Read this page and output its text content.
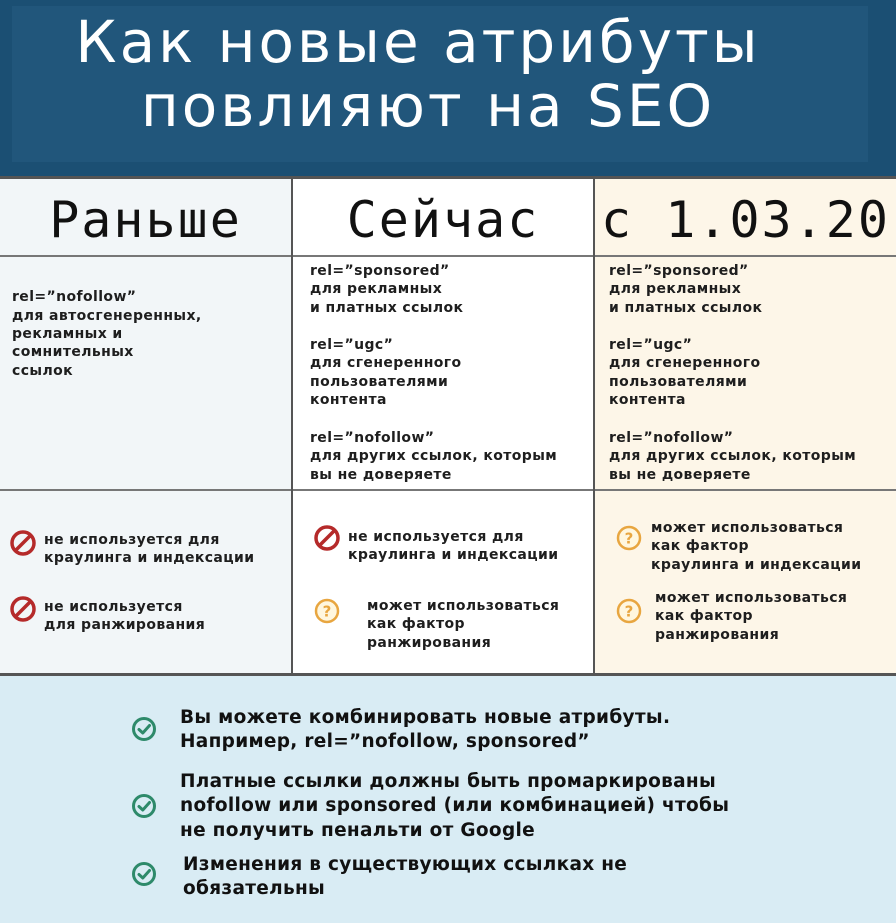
Как новые атрибуты
повлияют на SEO
Раньше
rel=”nofollow”
для автосгенеренных,
рекламных и
сомнительных
ссылок
не используется для
краулинга и индексации
не используется
для ранжирования
Сейчас
rel=”sponsored”
для рекламных
и платных ссылок
rel=”ugc”
для сгенеренного
пользователями
контента
rel=”nofollow”
для других ссылок, которым
вы не доверяете
не используется для
краулинга и индексации
?	может использоваться
как фактор
ранжирования
с 1.03.20
rel=”sponsored”
для рекламных
и платных ссылок
rel=”ugc”
для сгенеренного
пользователями
контента
rel=”nofollow”
для других ссылок, которым
вы не доверяете
?
может использоваться
как фактор
краулинга и индексации
?
может использоваться
как фактор
ранжирования
Вы можете комбинировать новые атрибуты.
Например, rel=”nofollow, sponsored”
Платные ссылки должны быть промаркированы
nofollow или sponsored (или комбинацией) чтобы
не получить пенальти от Google
Изменения в существующих ссылках не
обязательны
